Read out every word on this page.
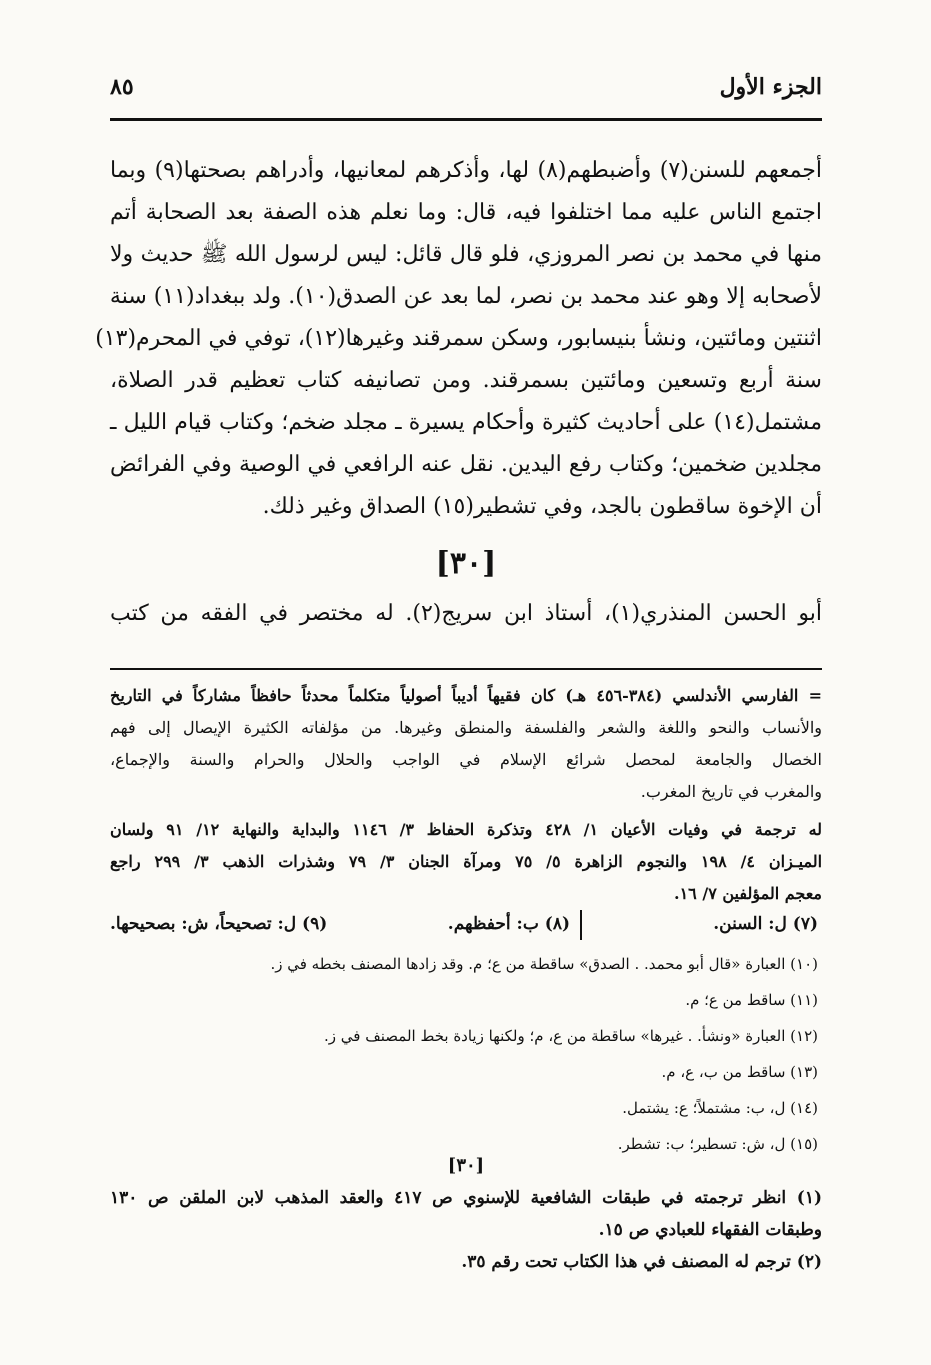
الجزء الأول
٨٥

أجمعهم للسنن(٧) وأضبطهم(٨) لها، وأذكرهم لمعانيها، وأدراهم بصحتها(٩) وبما
اجتمع الناس عليه مما اختلفوا فيه، قال: وما نعلم هذه الصفة بعد الصحابة أتم
منها في محمد بن نصر المروزي، فلو قال قائل: ليس لرسول الله ﷺ حديث ولا
لأصحابه إلا وهو عند محمد بن نصر، لما بعد عن الصدق(١٠). ولد ببغداد(١١) سنة
اثنتين ومائتين، ونشأ بنيسابور، وسكن سمرقند وغيرها(١٢)، توفي في المحرم(١٣)
سنة أربع وتسعين ومائتين بسمرقند. ومن تصانيفه كتاب تعظيم قدر الصلاة،
مشتمل(١٤) على أحاديث كثيرة وأحكام يسيرة ـ مجلد ضخم؛ وكتاب قيام الليل ـ
مجلدين ضخمين؛ وكتاب رفع اليدين. نقل عنه الرافعي في الوصية وفي الفرائض
أن الإخوة ساقطون بالجد، وفي تشطير(١٥) الصداق وغير ذلك.

[٣٠]

أبو الحسن المنذري(١)، أستاذ ابن سريج(٢). له مختصر في الفقه من كتب

= الفارسي الأندلسي (٣٨٤-٤٥٦ هـ) كان فقيهاً أديباً أصولياً متكلماً محدثاً حافظاً مشاركاً في التاريخ
والأنساب والنحو واللغة والشعر والفلسفة والمنطق وغيرها. من مؤلفاته الكثيرة الإيصال إلى فهم
الخصال والجامعة لمحصل شرائع الإسلام في الواجب والحلال والحرام والسنة والإجماع،
والمغرب في تاريخ المغرب.

له ترجمة في وفيات الأعيان ١/ ٤٢٨ وتذكرة الحفاظ ٣/ ١١٤٦ والبداية والنهاية ١٢/ ٩١ ولسان
الميـزان ٤/ ١٩٨ والنجوم الزاهرة ٥/ ٧٥ ومرآة الجنان ٣/ ٧٩ وشذرات الذهب ٣/ ٢٩٩ راجع
معجم المؤلفين ٧/ ١٦.

(٧) ل: السنن.
(٨) ب: أحفظهم.
(٩) ل: تصحيحاً، ش: بصحيحها.
(١٠) العبارة «قال أبو محمد. . الصدق» ساقطة من ع؛ م. وقد زادها المصنف بخطه في ز.
(١١) ساقط من ع؛ م.
(١٢) العبارة «ونشأ. . غيرها» ساقطة من ع، م؛ ولكنها زيادة بخط المصنف في ز.
(١٣) ساقط من ب، ع، م.
(١٤) ل، ب: مشتملاً؛ ع: يشتمل.
(١٥) ل، ش: تسطير؛ ب: تشطر.
[٣٠]

(١) انظر ترجمته في طبقات الشافعية للإسنوي ص ٤١٧ والعقد المذهب لابن الملقن ص ١٣٠
وطبقات الفقهاء للعبادي ص ١٥.

(٢) ترجم له المصنف في هذا الكتاب تحت رقم ٣٥.
